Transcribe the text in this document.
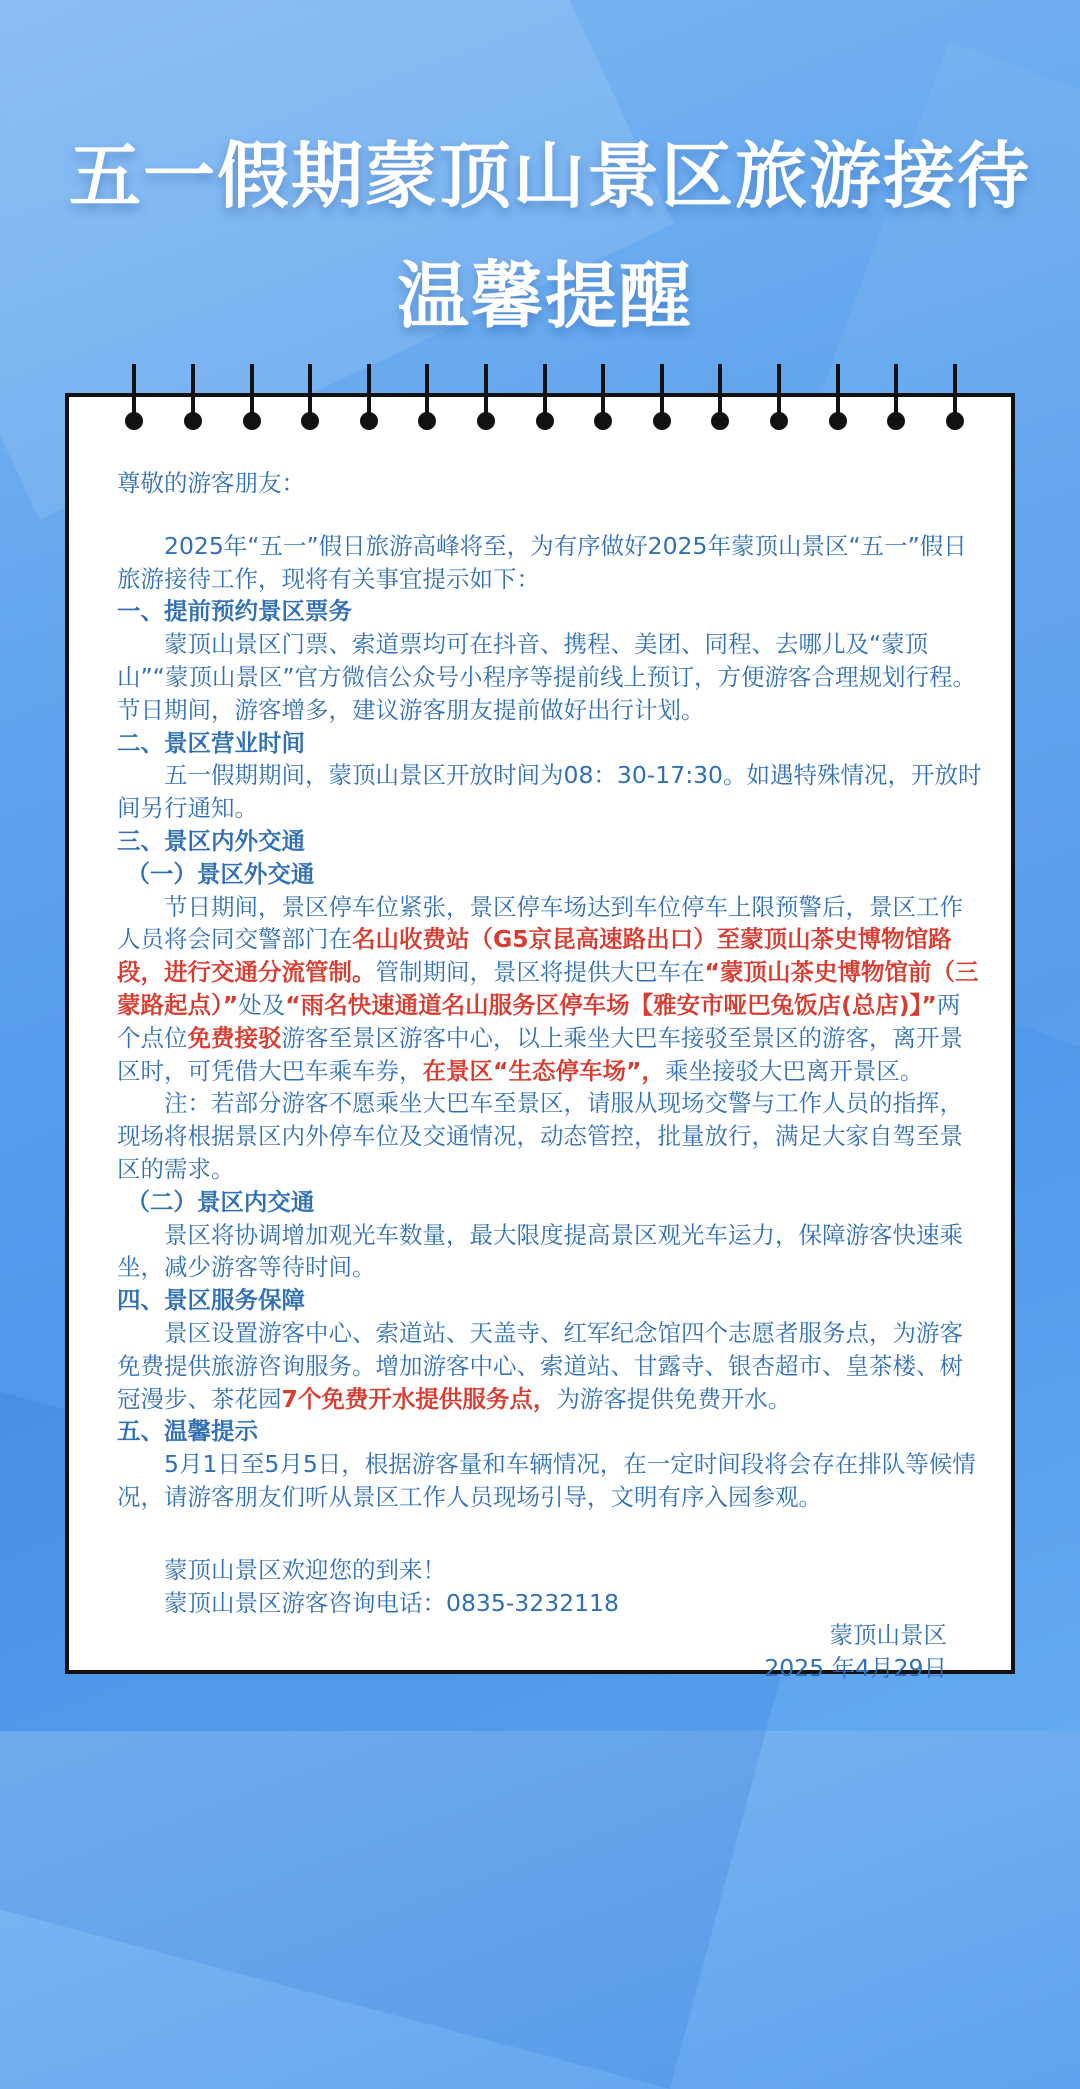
五一假期蒙顶山景区旅游接待
温馨提醒

尊敬的游客朋友：

2025年“五一”假日旅游高峰将至，为有序做好2025年蒙顶山景区“五一”假日旅游接待工作，现将有关事宜提示如下：

一、提前预约景区票务

蒙顶山景区门票、索道票均可在抖音、携程、美团、同程、去哪儿及“蒙顶山”“蒙顶山景区”官方微信公众号小程序等提前线上预订，方便游客合理规划行程。节日期间，游客增多，建议游客朋友提前做好出行计划。

二、景区营业时间

五一假期期间，蒙顶山景区开放时间为08：30-17:30。如遇特殊情况，开放时间另行通知。

三、景区内外交通

（一）景区外交通

节日期间，景区停车位紧张，景区停车场达到车位停车上限预警后，景区工作人员将会同交警部门在名山收费站（G5京昆高速路出口）至蒙顶山茶史博物馆路段，进行交通分流管制。管制期间，景区将提供大巴车在“蒙顶山茶史博物馆前（三蒙路起点）”处及“雨名快速通道名山服务区停车场【雅安市哑巴兔饭店(总店)】”两个点位免费接驳游客至景区游客中心，以上乘坐大巴车接驳至景区的游客，离开景区时，可凭借大巴车乘车券，在景区“生态停车场”，乘坐接驳大巴离开景区。

注：若部分游客不愿乘坐大巴车至景区，请服从现场交警与工作人员的指挥，现场将根据景区内外停车位及交通情况，动态管控，批量放行，满足大家自驾至景区的需求。

（二）景区内交通

景区将协调增加观光车数量，最大限度提高景区观光车运力，保障游客快速乘坐，减少游客等待时间。

四、景区服务保障

景区设置游客中心、索道站、天盖寺、红军纪念馆四个志愿者服务点，为游客免费提供旅游咨询服务。增加游客中心、索道站、甘露寺、银杏超市、皇茶楼、树冠漫步、茶花园7个免费开水提供服务点，为游客提供免费开水。

五、温馨提示

5月1日至5月5日，根据游客量和车辆情况，在一定时间段将会存在排队等候情况，请游客朋友们听从景区工作人员现场引导，文明有序入园参观。

蒙顶山景区欢迎您的到来！

蒙顶山景区游客咨询电话：0835-3232118

蒙顶山景区

2025 年4月29日
